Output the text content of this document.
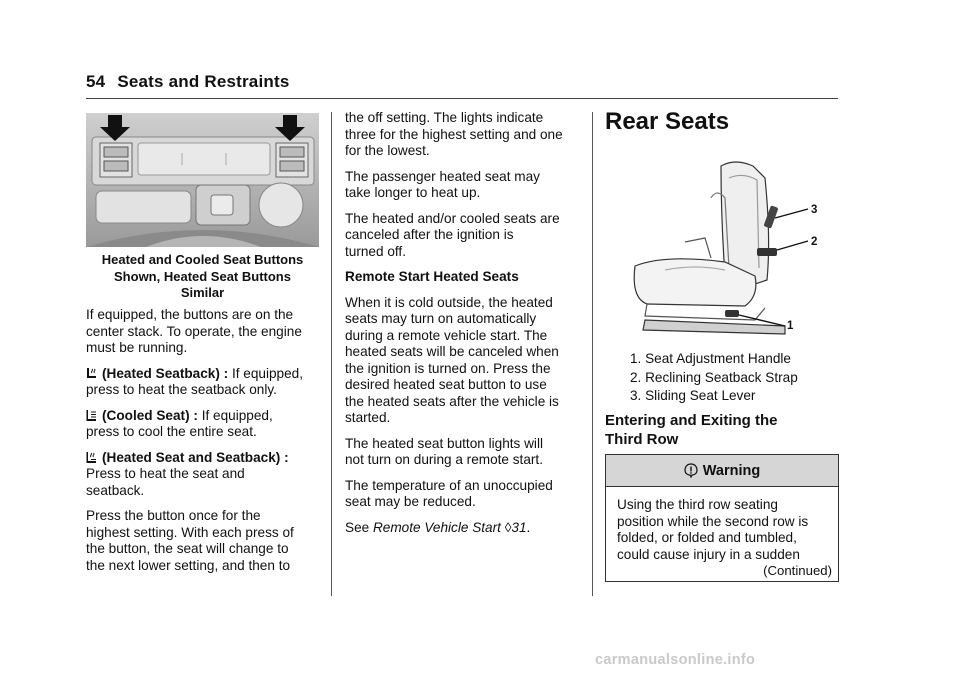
54 Seats and Restraints
Heated and Cooled Seat Buttons
Shown, Heated Seat Buttons
Similar

If equipped, the buttons are on the

center stack. To operate, the engine

must be running.

(Heated Seatback) : If equipped,

press to heat the seatback only.

(Cooled Seat) : If equipped,

press to cool the entire seat.

(Heated Seat and Seatback) :

Press to heat the seat and

seatback.

Press the button once for the

highest setting. With each press of

the button, the seat will change to

the next lower setting, and then to

the off setting. The lights indicate

three for the highest setting and one

for the lowest.

The passenger heated seat may

take longer to heat up.

The heated and/or cooled seats are

canceled after the ignition is

turned off.

Remote Start Heated Seats

When it is cold outside, the heated

seats may turn on automatically

during a remote vehicle start. The

heated seats will be canceled when

the ignition is turned on. Press the

desired heated seat button to use

the heated seats after the vehicle is

started.

The heated seat button lights will

not turn on during a remote start.

The temperature of an unoccupied

seat may be reduced.

See Remote Vehicle Start ◊31.

Rear Seats
3
2
1

1. Seat Adjustment Handle

2. Reclining Seatback Strap

3. Sliding Seat Lever

Entering and Exiting the
Third Row
Warning

Using the third row seating

position while the second row is

folded, or folded and tumbled,

could cause injury in a sudden

(Continued)
carmanualsonline.info
